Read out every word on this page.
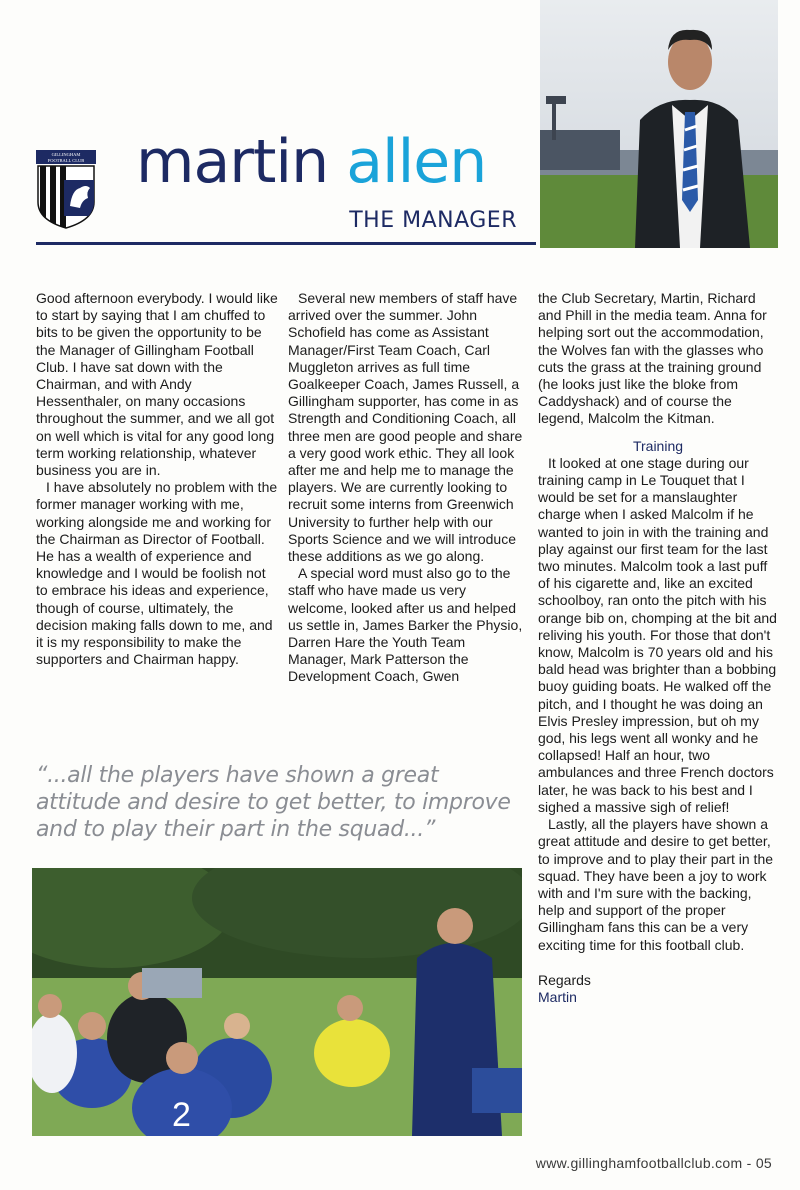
GILLINGHAM
FOOTBALL CLUB martin allen
THE MANAGER

Good afternoon everybody. I would like to start by saying that I am chuffed to bits to be given the opportunity to be the Manager of Gillingham Football Club. I have sat down with the Chairman, and with Andy Hessenthaler, on many occasions throughout the summer, and we all got on well which is vital for any good long term working relationship, whatever business you are in.

I have absolutely no problem with the former manager working with me, working alongside me and working for the Chairman as Director of Football. He has a wealth of experience and knowledge and I would be foolish not to embrace his ideas and experience, though of course, ultimately, the decision making falls down to me, and it is my responsibility to make the supporters and Chairman happy.

Several new members of staff have arrived over the summer. John Schofield has come as Assistant Manager/First Team Coach, Carl Muggleton arrives as full time Goalkeeper Coach, James Russell, a Gillingham supporter, has come in as Strength and Conditioning Coach, all three men are good people and share a very good work ethic. They all look after me and help me to manage the players. We are currently looking to recruit some interns from Greenwich University to further help with our Sports Science and we will introduce these additions as we go along.

A special word must also go to the staff who have made us very welcome, looked after us and helped us settle in, James Barker the Physio, Darren Hare the Youth Team Manager, Mark Patterson the Development Coach, Gwen

the Club Secretary, Martin, Richard and Phill in the media team. Anna for helping sort out the accommodation, the Wolves fan with the glasses who cuts the grass at the training ground (he looks just like the bloke from Caddyshack) and of course the legend, Malcolm the Kitman.

Training

It looked at one stage during our training camp in Le Touquet that I would be set for a manslaughter charge when I asked Malcolm if he wanted to join in with the training and play against our first team for the last two minutes. Malcolm took a last puff of his cigarette and, like an excited schoolboy, ran onto the pitch with his orange bib on, chomping at the bit and reliving his youth. For those that don't know, Malcolm is 70 years old and his bald head was brighter than a bobbing buoy guiding boats. He walked off the pitch, and I thought he was doing an Elvis Presley impression, but oh my god, his legs went all wonky and he collapsed! Half an hour, two ambulances and three French doctors later, he was back to his best and I sighed a massive sigh of relief!

Lastly, all the players have shown a great attitude and desire to get better, to improve and to play their part in the squad. They have been a joy to work with and I'm sure with the backing, help and support of the proper Gillingham fans this can be a very exciting time for this football club.

Regards

Martin

“...all the players have shown a great attitude and desire to get better, to improve and to play their part in the squad...”
2
www.gillinghamfootballclub.com - 05
